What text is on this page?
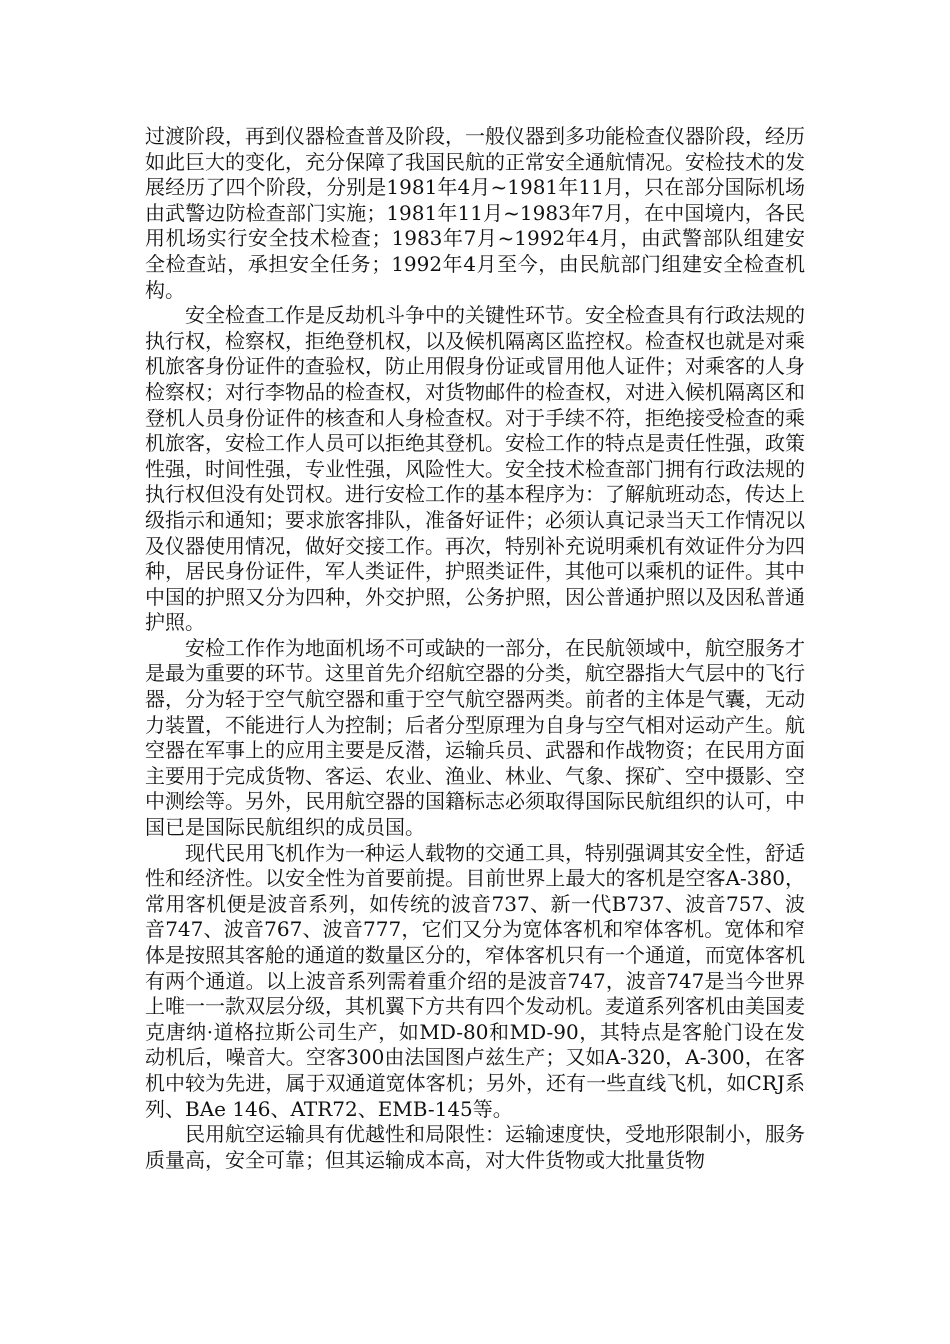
过渡阶段，再到仪器检查普及阶段，一般仪器到多功能检查仪器阶段，经历如此巨大的变化，充分保障了我国民航的正常安全通航情况。安检技术的发展经历了四个阶段，分别是1981年4月~1981年11月，只在部分国际机场由武警边防检查部门实施；1981年11月~1983年7月，在中国境内，各民用机场实行安全技术检查；1983年7月~1992年4月，由武警部队组建安全检查站，承担安全任务；1992年4月至今，由民航部门组建安全检查机构。

安全检查工作是反劫机斗争中的关键性环节。安全检查具有行政法规的执行权，检察权，拒绝登机权，以及候机隔离区监控权。检查权也就是对乘机旅客身份证件的查验权，防止用假身份证或冒用他人证件；对乘客的人身检察权；对行李物品的检查权，对货物邮件的检查权，对进入候机隔离区和登机人员身份证件的核查和人身检查权。对于手续不符，拒绝接受检查的乘机旅客，安检工作人员可以拒绝其登机。安检工作的特点是责任性强，政策性强，时间性强，专业性强，风险性大。安全技术检查部门拥有行政法规的执行权但没有处罚权。进行安检工作的基本程序为：了解航班动态，传达上级指示和通知；要求旅客排队，准备好证件；必须认真记录当天工作情况以及仪器使用情况，做好交接工作。再次，特别补充说明乘机有效证件分为四种，居民身份证件，军人类证件，护照类证件，其他可以乘机的证件。其中中国的护照又分为四种，外交护照，公务护照，因公普通护照以及因私普通护照。

安检工作作为地面机场不可或缺的一部分，在民航领域中，航空服务才是最为重要的环节。这里首先介绍航空器的分类，航空器指大气层中的飞行器，分为轻于空气航空器和重于空气航空器两类。前者的主体是气囊，无动力装置，不能进行人为控制；后者分型原理为自身与空气相对运动产生。航空器在军事上的应用主要是反潜，运输兵员、武器和作战物资；在民用方面主要用于完成货物、客运、农业、渔业、林业、气象、探矿、空中摄影、空中测绘等。另外，民用航空器的国籍标志必须取得国际民航组织的认可，中国已是国际民航组织的成员国。

现代民用飞机作为一种运人载物的交通工具，特别强调其安全性，舒适性和经济性。以安全性为首要前提。目前世界上最大的客机是空客A-380，常用客机便是波音系列，如传统的波音737、新一代B737、波音757、波音747、波音767、波音777，它们又分为宽体客机和窄体客机。宽体和窄体是按照其客舱的通道的数量区分的，窄体客机只有一个通道，而宽体客机有两个通道。以上波音系列需着重介绍的是波音747，波音747是当今世界上唯一一款双层分级，其机翼下方共有四个发动机。麦道系列客机由美国麦克唐纳·道格拉斯公司生产，如MD-80和MD-90，其特点是客舱门设在发动机后，噪音大。空客300由法国图卢兹生产；又如A-320，A-300，在客机中较为先进，属于双通道宽体客机；另外，还有一些直线飞机，如CRJ系列、BAe 146、ATR72、EMB-145等。

民用航空运输具有优越性和局限性：运输速度快，受地形限制小，服务质量高，安全可靠；但其运输成本高，对大件货物或大批量货物
